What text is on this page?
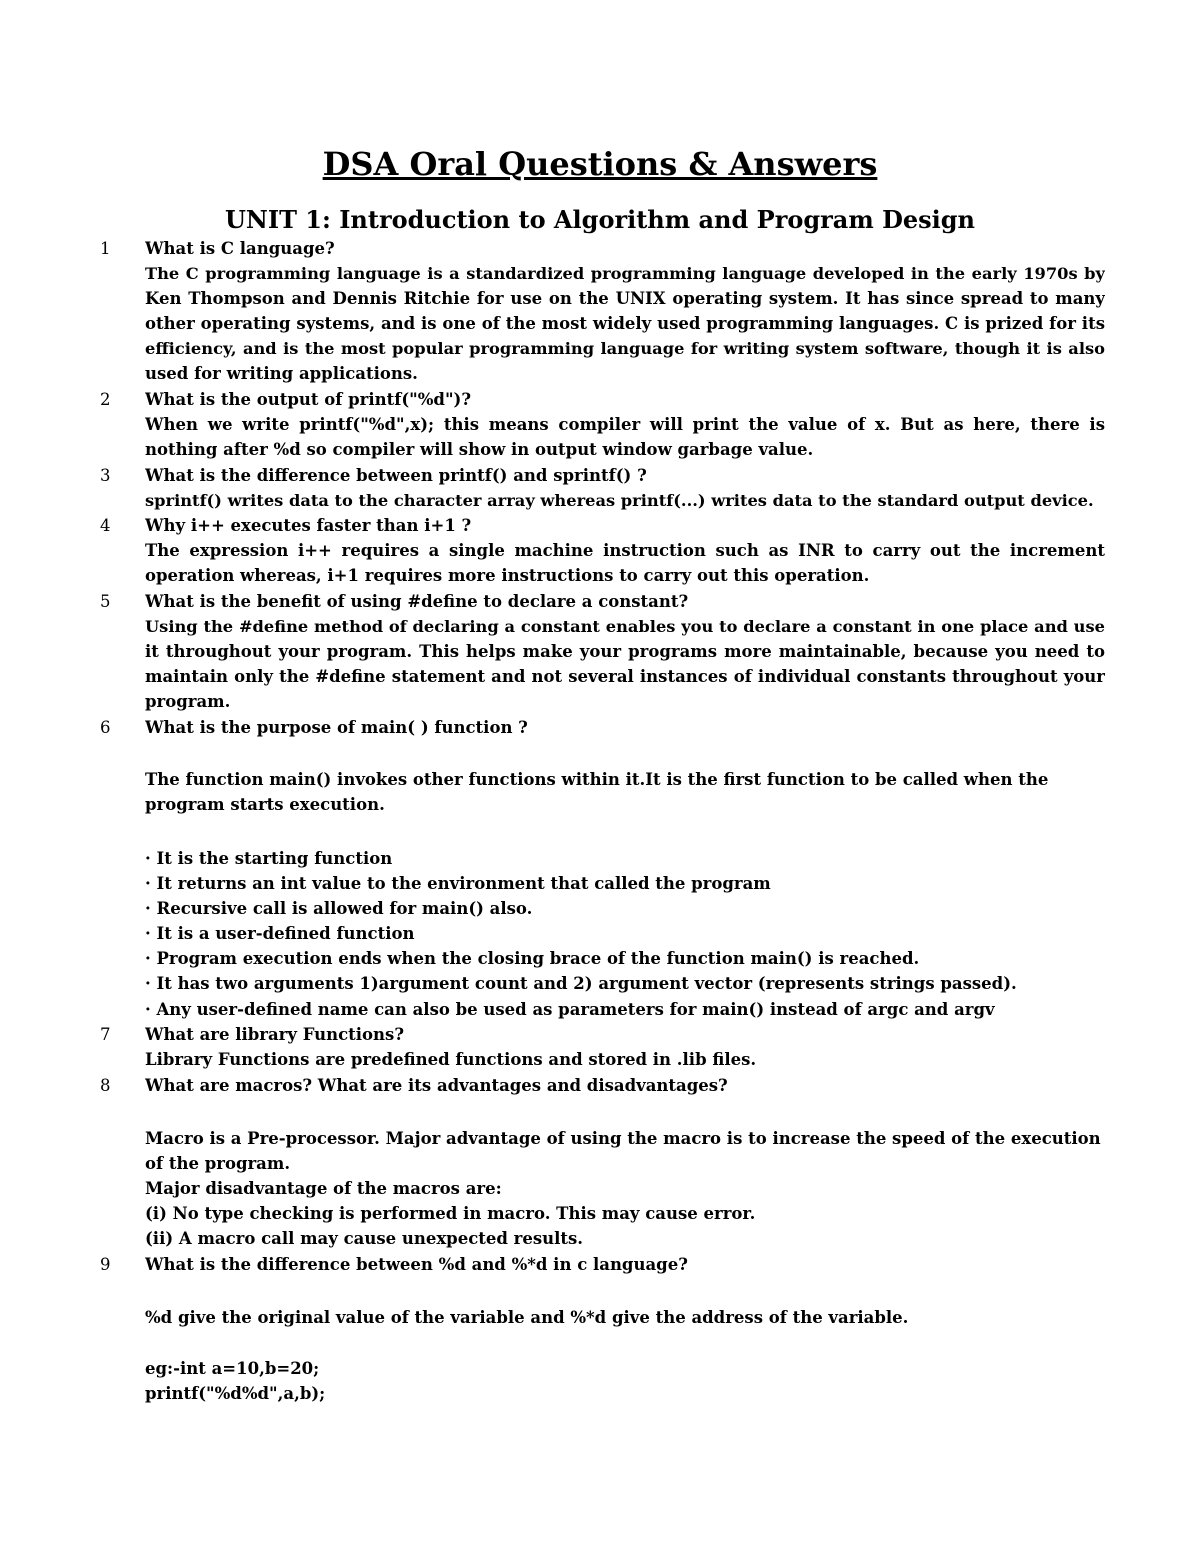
DSA Oral Questions & Answers
UNIT 1: Introduction to Algorithm and Program Design
1	What is C language?
The C programming language is a standardized programming language developed in the early 1970s by
Ken Thompson and Dennis Ritchie for use on the UNIX operating system. It has since spread to many
other operating systems, and is one of the most widely used programming languages. C is prized for its
efficiency, and is the most popular programming language for writing system software, though it is also
used for writing applications.
2	What is the output of printf("%d")?
When we write printf("%d",x); this means compiler will print the value of x. But as here, there is
nothing after %d so compiler will show in output window garbage value.
3	What is the difference between printf() and sprintf() ?
sprintf() writes data to the character array whereas printf(...) writes data to the standard output device.
4	Why i++ executes faster than i+1 ?
The expression i++ requires a single machine instruction such as INR to carry out the increment
operation whereas, i+1 requires more instructions to carry out this operation.
5	What is the benefit of using #define to declare a constant?
Using the #define method of declaring a constant enables you to declare a constant in one place and use
it throughout your program. This helps make your programs more maintainable, because you need to
maintain only the #define statement and not several instances of individual constants throughout your
program.
6	What is the purpose of main( ) function ?
The function main() invokes other functions within it.It is the first function to be called when the
program starts execution.
· It is the starting function
· It returns an int value to the environment that called the program
· Recursive call is allowed for main() also.
· It is a user-defined function
· Program execution ends when the closing brace of the function main() is reached.
· It has two arguments 1)argument count and 2) argument vector (represents strings passed).
· Any user-defined name can also be used as parameters for main() instead of argc and argv
7	What are library Functions?
Library Functions are predefined functions and stored in .lib files.
8	What are macros? What are its advantages and disadvantages?
Macro is a Pre-processor. Major advantage of using the macro is to increase the speed of the execution
of the program.
Major disadvantage of the macros are:
(i) No type checking is performed in macro. This may cause error.
(ii) A macro call may cause unexpected results.
9	What is the difference between %d and %*d in c language?
%d give the original value of the variable and %*d give the address of the variable.
eg:-int a=10,b=20;
printf("%d%d",a,b);
